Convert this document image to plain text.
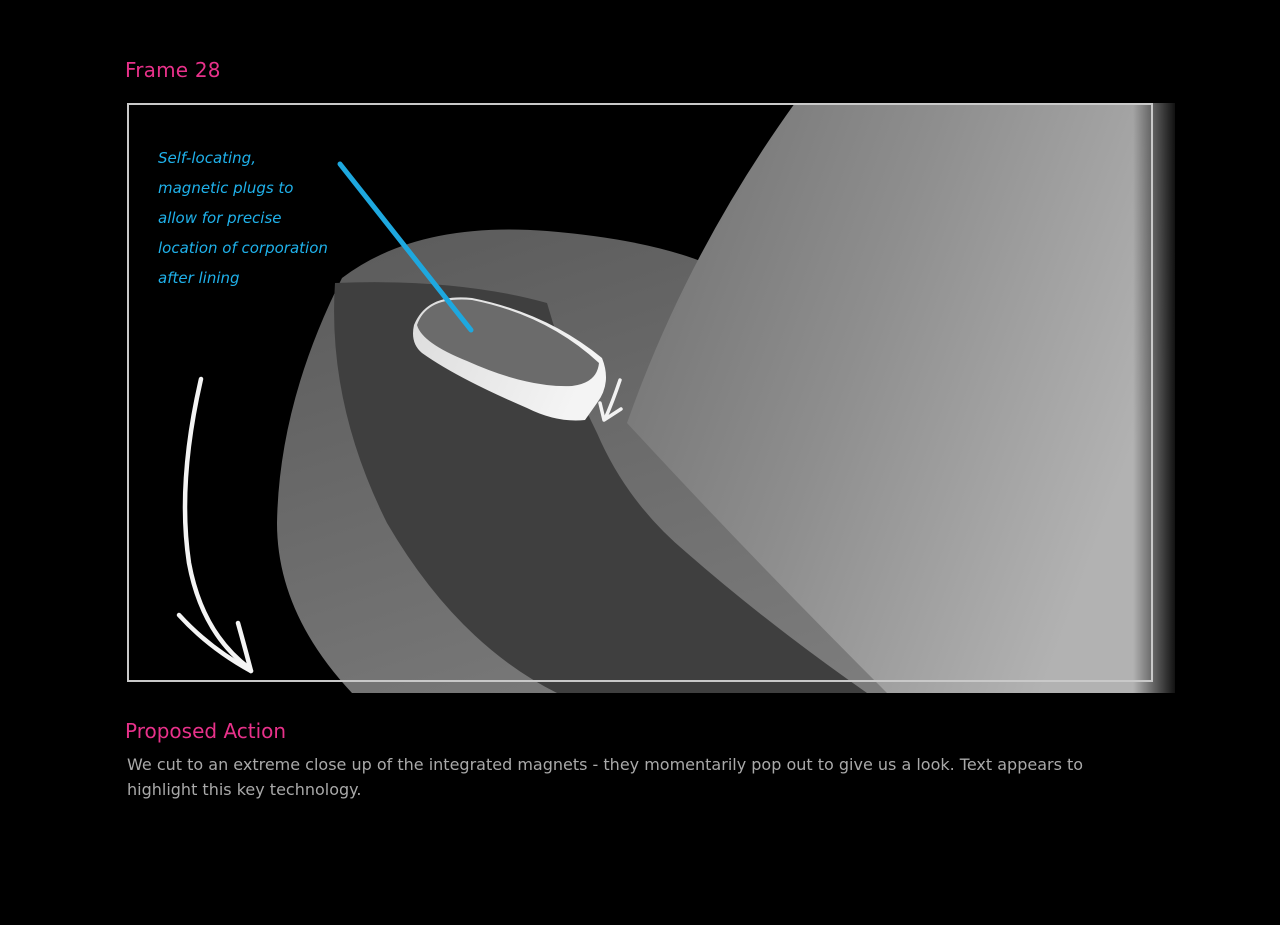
Frame 28

Self-locating,
magnetic plugs to
allow for precise
location of corporation
after lining

Proposed Action

We cut to an extreme close up of the integrated magnets - they momentarily pop out to give us a look. Text appears to highlight this key technology.
